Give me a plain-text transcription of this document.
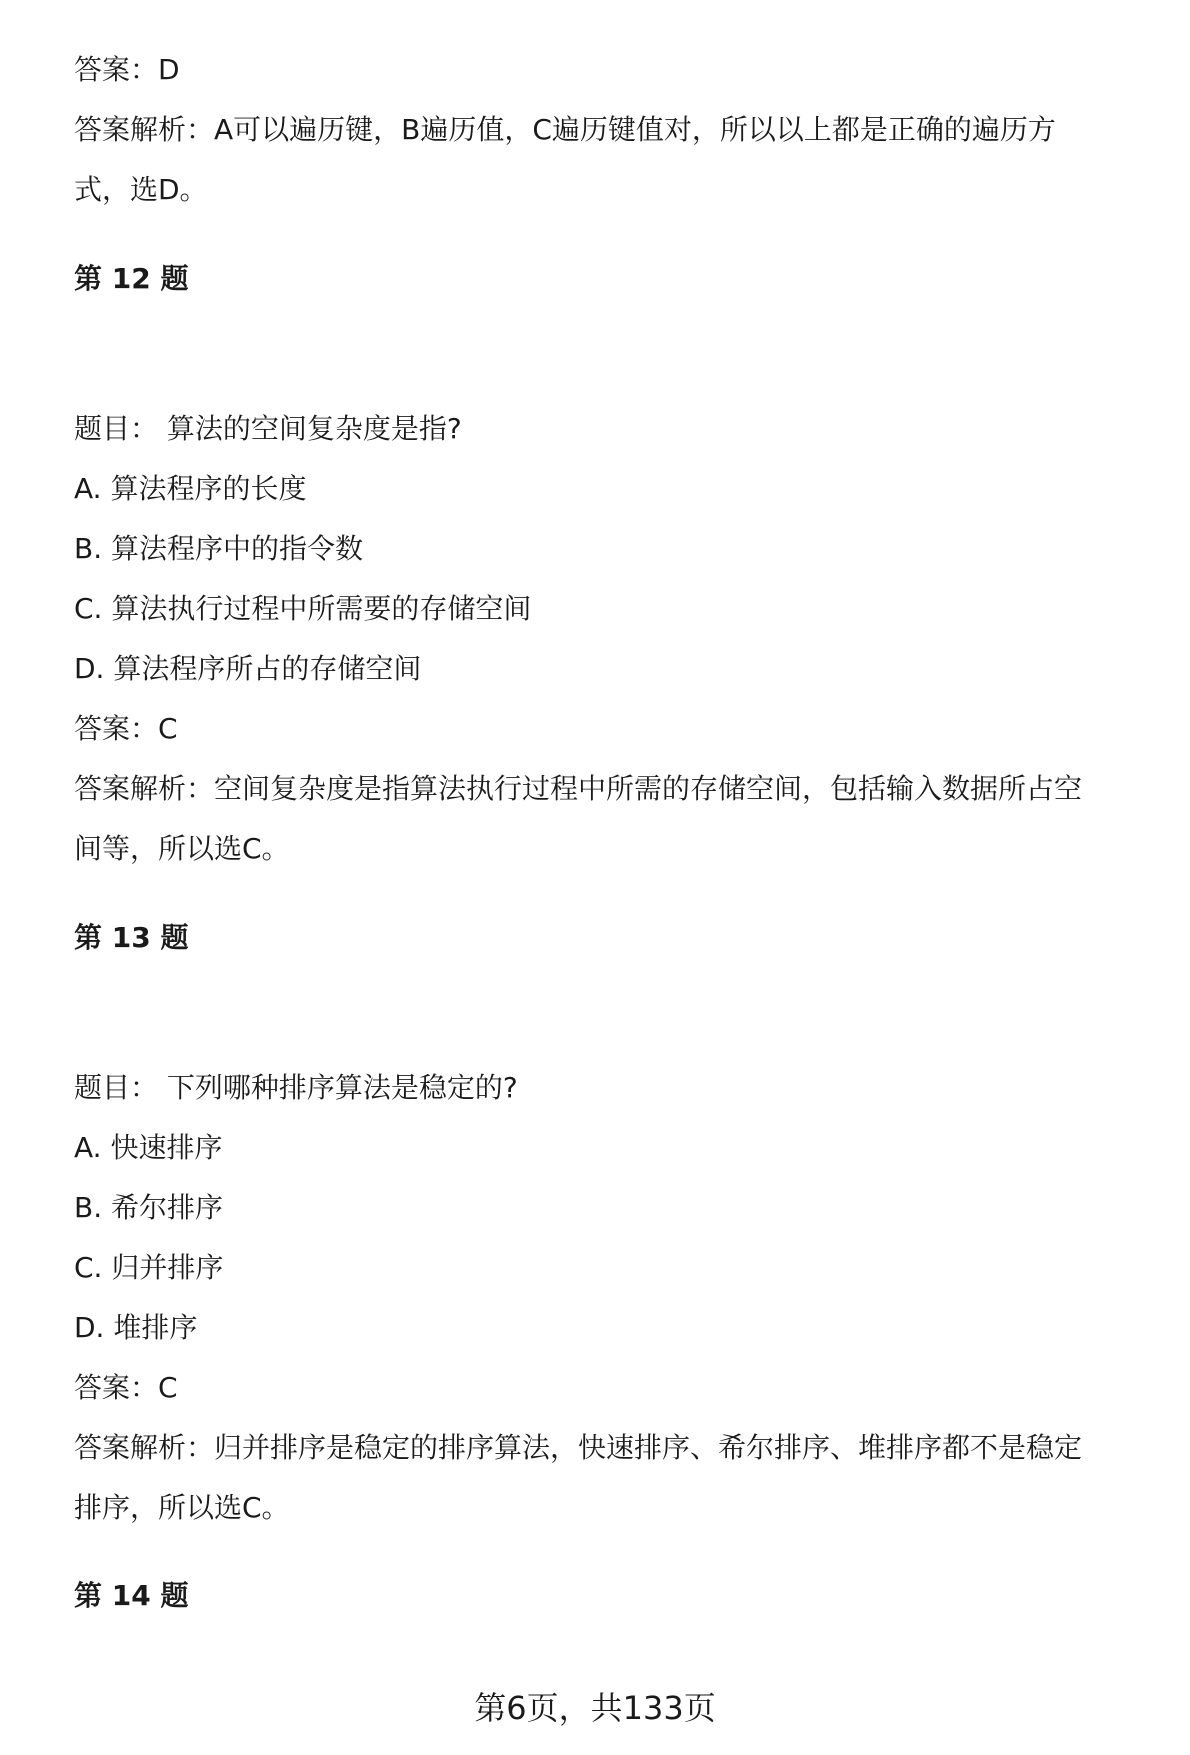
答案：D
答案解析：A可以遍历键，B遍历值，C遍历键值对，所以以上都是正确的遍历方
式，选D。
第 12 题
题目： 算法的空间复杂度是指?
A. 算法程序的长度
B. 算法程序中的指令数
C. 算法执行过程中所需要的存储空间
D. 算法程序所占的存储空间
答案：C
答案解析：空间复杂度是指算法执行过程中所需的存储空间，包括输入数据所占空
间等，所以选C。
第 13 题
题目： 下列哪种排序算法是稳定的?
A. 快速排序
B. 希尔排序
C. 归并排序
D. 堆排序
答案：C
答案解析：归并排序是稳定的排序算法，快速排序、希尔排序、堆排序都不是稳定
排序，所以选C。
第 14 题
第6页，共133页
